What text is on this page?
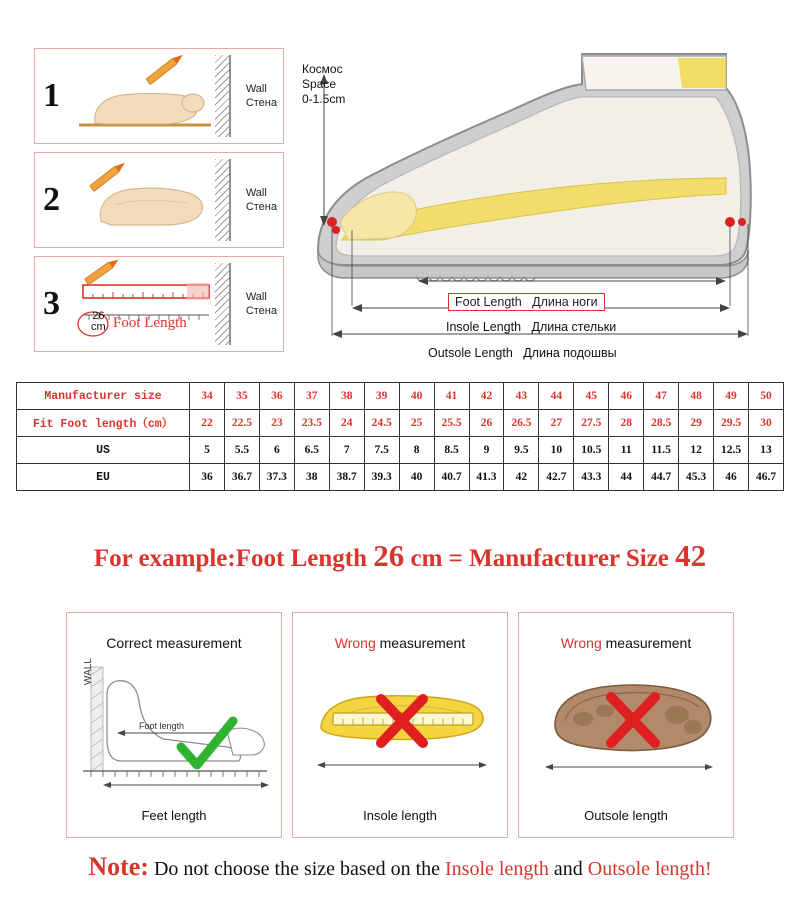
1	Wall
Стена
2	Wall
Стена
3	26
cm Foot Length
Wall
Стена
Космос
Space
0-1.5cm
Foot Length Длина ноги
Insole Length Длина стельки
Outsole Length Длина подошвы
Manufacturer size	34	35	36	37	38	39	40	41	42	43	44	45	46	47	48	49	50
Fit Foot length（cm）	22	22.5	23	23.5	24	24.5	25	25.5	26	26.5	27	27.5	28	28.5	29	29.5	30
US	5	5.5	6	6.5	7	7.5	8	8.5	9	9.5	10	10.5	11	11.5	12	12.5	13
EU	36	36.7	37.3	38	38.7	39.3	40	40.7	41.3	42	42.7	43.3	44	44.7	45.3	46	46.7
For example:Foot Length 26 cm = Manufacturer Size 42
Correct measurement
Foot length
WALL
Feet length
Wrong measurement
Insole length
Wrong measurement
Outsole length
Note: Do not choose the size based on the Insole length and Outsole length!
